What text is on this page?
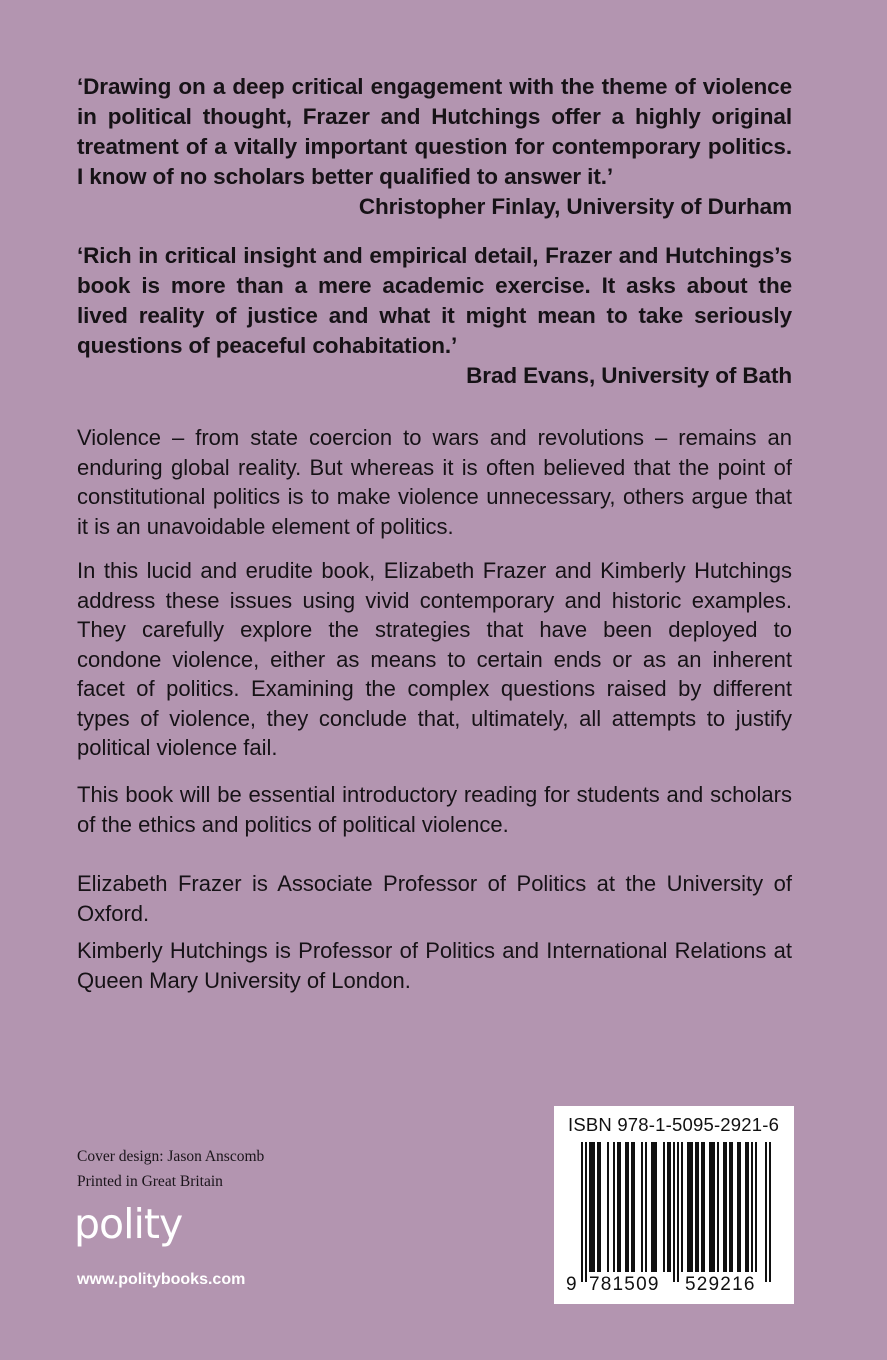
‘Drawing on a deep critical engagement with the theme of violence in political thought, Frazer and Hutchings offer a highly original treatment of a vitally important question for contemporary politics. I know of no scholars better qualified to answer it.’

Christopher Finlay, University of Durham

‘Rich in critical insight and empirical detail, Frazer and Hutchings’s book is more than a mere academic exercise. It asks about the lived reality of justice and what it might mean to take seriously questions of peaceful cohabitation.’

Brad Evans, University of Bath

Violence – from state coercion to wars and revolutions – remains an enduring global reality. But whereas it is often believed that the point of constitutional politics is to make violence unnecessary, others argue that it is an unavoidable element of politics.

In this lucid and erudite book, Elizabeth Frazer and Kimberly Hutchings address these issues using vivid contemporary and historic examples. They carefully explore the strategies that have been deployed to condone violence, either as means to certain ends or as an inherent facet of politics. Examining the complex questions raised by different types of violence, they conclude that, ultimately, all attempts to justify political violence fail.

This book will be essential introductory reading for students and scholars of the ethics and politics of political violence.

Elizabeth Frazer is Associate Professor of Politics at the University of Oxford.

Kimberly Hutchings is Professor of Politics and International Relations at Queen Mary University of London.

Cover design: Jason Anscomb
Printed in Great Britain
polity
www.politybooks.com
ISBN 978-1-5095-2921-6
9 781509 529216
